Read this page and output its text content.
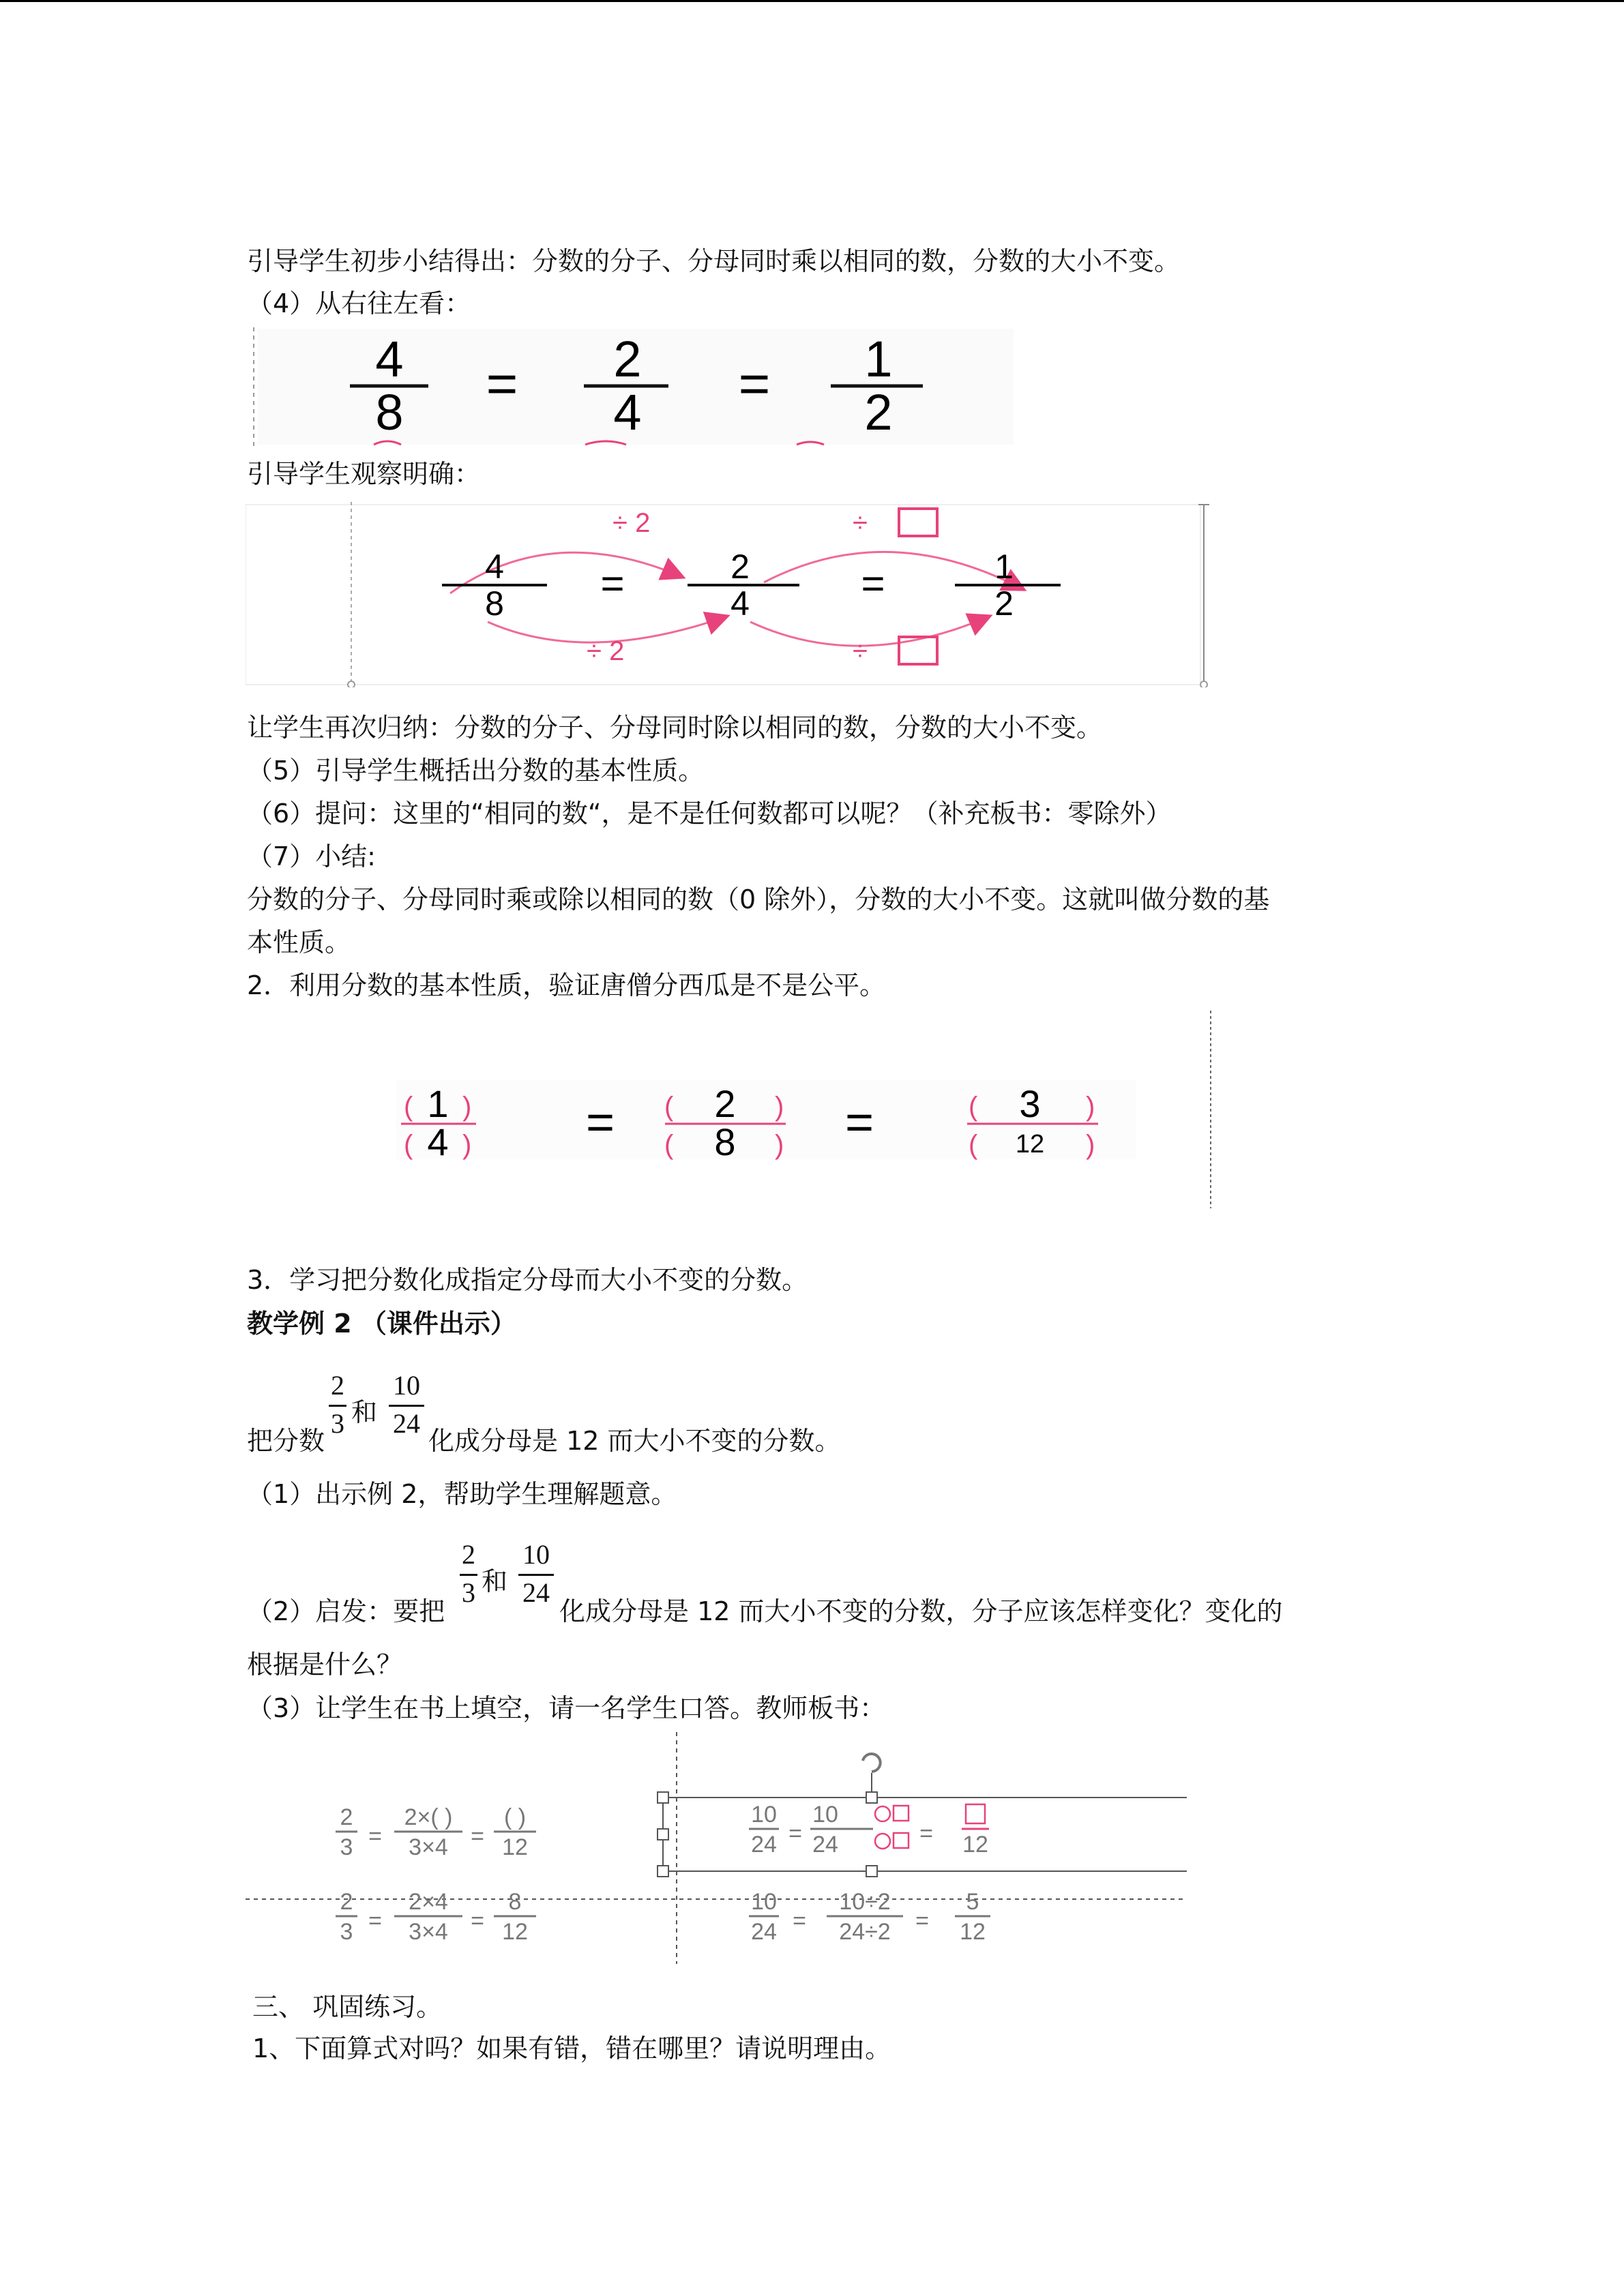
引导学生初步小结得出：分数的分子、分母同时乘以相同的数，分数的大小不变。
（4）从右往左看：
4
8 = 2
4 = 1
2
引导学生观察明确：
÷ 2	÷
4
8 =	2
4	=	1
2
÷ 2	÷
让学生再次归纳：分数的分子、分母同时除以相同的数，分数的大小不变。
（5）引导学生概括出分数的基本性质。
（6）提问：这里的“相同的数“，是不是任何数都可以呢？（补充板书：零除外）
（7）小结:
分数的分子、分母同时乘或除以相同的数（0 除外），分数的大小不变。这就叫做分数的基
本性质。
2．利用分数的基本性质，验证唐僧分西瓜是不是公平。
( )
1
( )
4	= (	)
2
(	)
8 =	(	)
3
(	)
12
3．学习把分数化成指定分母而大小不变的分数。
教学例 2 （课件出示）
2
3 和
10
24
把分数	化成分母是 12 而大小不变的分数。
（1）出示例 2，帮助学生理解题意。
2
3 和
10
24
（2）启发：要把	化成分母是 12 而大小不变的分数，分子应该怎样变化？变化的
根据是什么？
（3）让学生在书上填空，请一名学生口答。教师板书：
2
3 =
2×( )
3×4 =
( )
12
2
3 =
2×4
3×4 =
8
12
10
24 =
10
24	= 12
10
24 =
10÷2
24÷2 =
5
12
三、 巩固练习。
1、下面算式对吗？如果有错，错在哪里？请说明理由。
